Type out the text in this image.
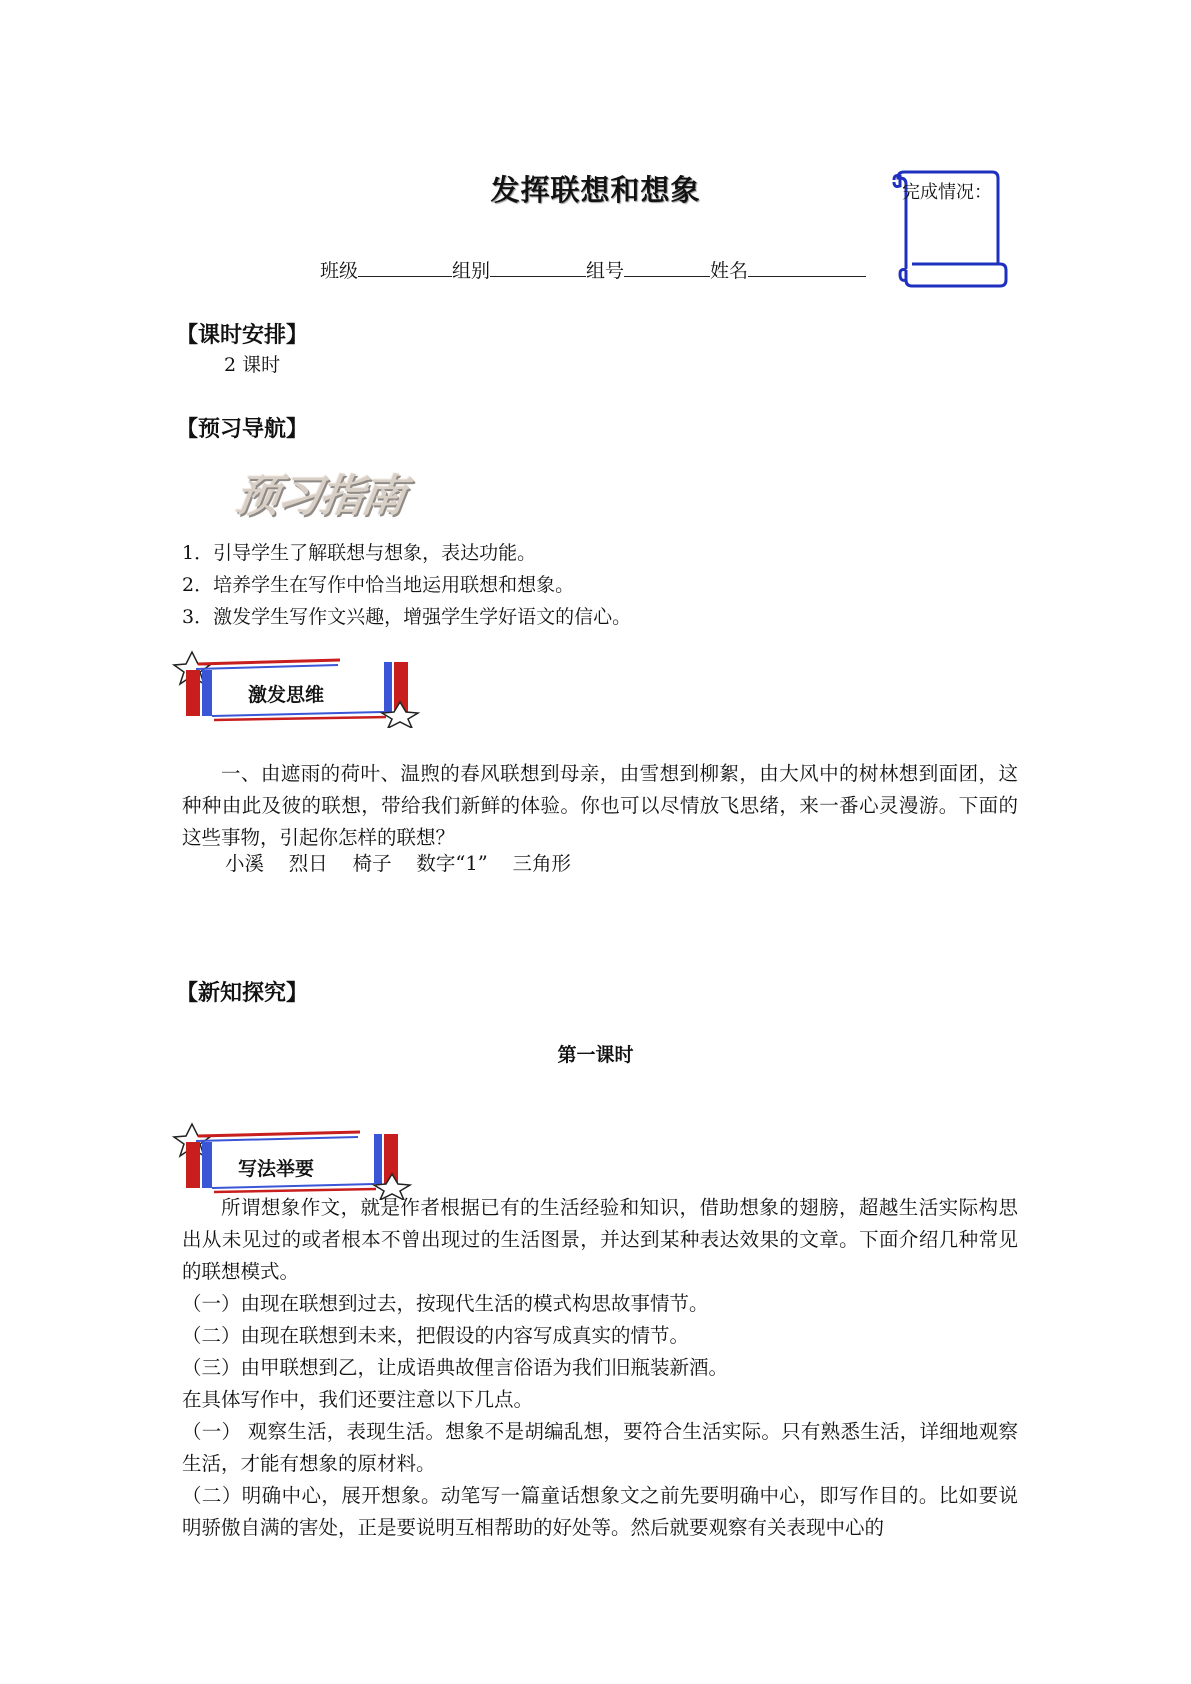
发挥联想和想象	完成情况：
班级	组别	组号	姓名
【课时安排】
2 课时
【预习导航】
预习指南
1．引导学生了解联想与想象，表达功能。
2．培养学生在写作中恰当地运用联想和想象。
3．激发学生写作文兴趣，增强学生学好语文的信心。
激发思维
一、由遮雨的荷叶、温煦的春风联想到母亲，由雪想到柳絮，由大风中的树林想到面团，这种种由此及彼的联想，带给我们新鲜的体验。你也可以尽情放飞思绪，来一番心灵漫游。下面的这些事物，引起你怎样的联想？
小溪    烈日    椅子    数字“1”    三角形
【新知探究】
第一课时
写法举要
所谓想象作文，就是作者根据已有的生活经验和知识，借助想象的翅膀，超越生活实际构思出从未见过的或者根本不曾出现过的生活图景，并达到某种表达效果的文章。下面介绍几种常见的联想模式。
（一）由现在联想到过去，按现代生活的模式构思故事情节。
（二）由现在联想到未来，把假设的内容写成真实的情节。
（三）由甲联想到乙，让成语典故俚言俗语为我们旧瓶装新酒。
在具体写作中，我们还要注意以下几点。
（一） 观察生活，表现生活。想象不是胡编乱想，要符合生活实际。只有熟悉生活，详细地观察生活，才能有想象的原材料。
（二）明确中心，展开想象。动笔写一篇童话想象文之前先要明确中心，即写作目的。比如要说明骄傲自满的害处，正是要说明互相帮助的好处等。然后就要观察有关表现中心的
